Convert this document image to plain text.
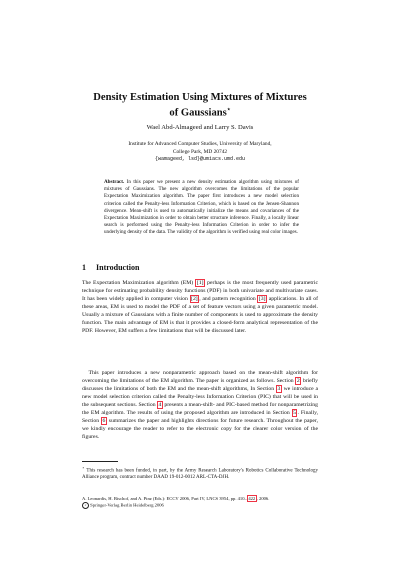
Density Estimation Using Mixtures of Mixtures
of Gaussians⋆
Wael Abd-Almageed and Larry S. Davis
Institute for Advanced Computer Studies, University of Maryland,
College Park, MD 20742
{wamageed, lsd}@umiacs.umd.edu
Abstract. In this paper we present a new density estimation algorithm using mixtures of mixtures of Gaussians. The new algorithm overcomes the limitations of the popular Expectation Maximization algorithm. The paper first introduces a new model selection criterion called the Penalty-less Information Criterion, which is based on the Jensen-Shannon divergence. Mean-shift is used to automatically initialize the means and covariances of the Expectation Maximization in order to obtain better structure inference. Finally, a locally linear search is performed using the Penalty-less Information Criterion in order to infer the underlying density of the data. The validity of the algorithm is verified using real color images.
1 Introduction
The Expectation Maximization algorithm (EM) [1] perhaps is the most frequently used parametric technique for estimating probability density functions (PDF) in both univariate and multivariate cases. It has been widely applied in computer vision [2] , and pattern recognition [3] applications. In all of these areas, EM is used to model the PDF of a set of feature vectors using a given parametric model. Usually a mixture of Gaussians with a finite number of components is used to approximate the density function. The main advantage of EM is that it provides a closed-form analytical representation of the PDF. However, EM suffers a few limitations that will be discussed later.
This paper introduces a new nonparametric approach based on the mean-shift algorithm for overcoming the limitations of the EM algorithm. The paper is organized as follows. Section 2 briefly discusses the limitations of both the EM and the mean-shift algorithms, In Section 3 we introduce a new model selection criterion called the Penalty-less Information Criterion (PIC) that will be used in the subsequent sections. Section 4 presents a mean-shift- and PIC-based method for nonparametrizing the EM algorithm. The results of using the proposed algorithm are introduced in Section 5 . Finally, Section 6 summarizes the paper and highlights directions for future research. Throughout the paper, we kindly encourage the reader to refer to the electronic copy for the clearer color version of the figures.
⋆ This research has been funded, in part, by the Army Research Laboratory's Robotics Collaborative Technology Alliance program, contract number DAAD 19-012-0012 ARL-CTA-DJH.
A. Leonardis, H. Bischof, and A. Pinz (Eds.): ECCV 2006, Part IV, LNCS 3954, pp. 410– 422 , 2006.
c Springer-Verlag Berlin Heidelberg 2006
